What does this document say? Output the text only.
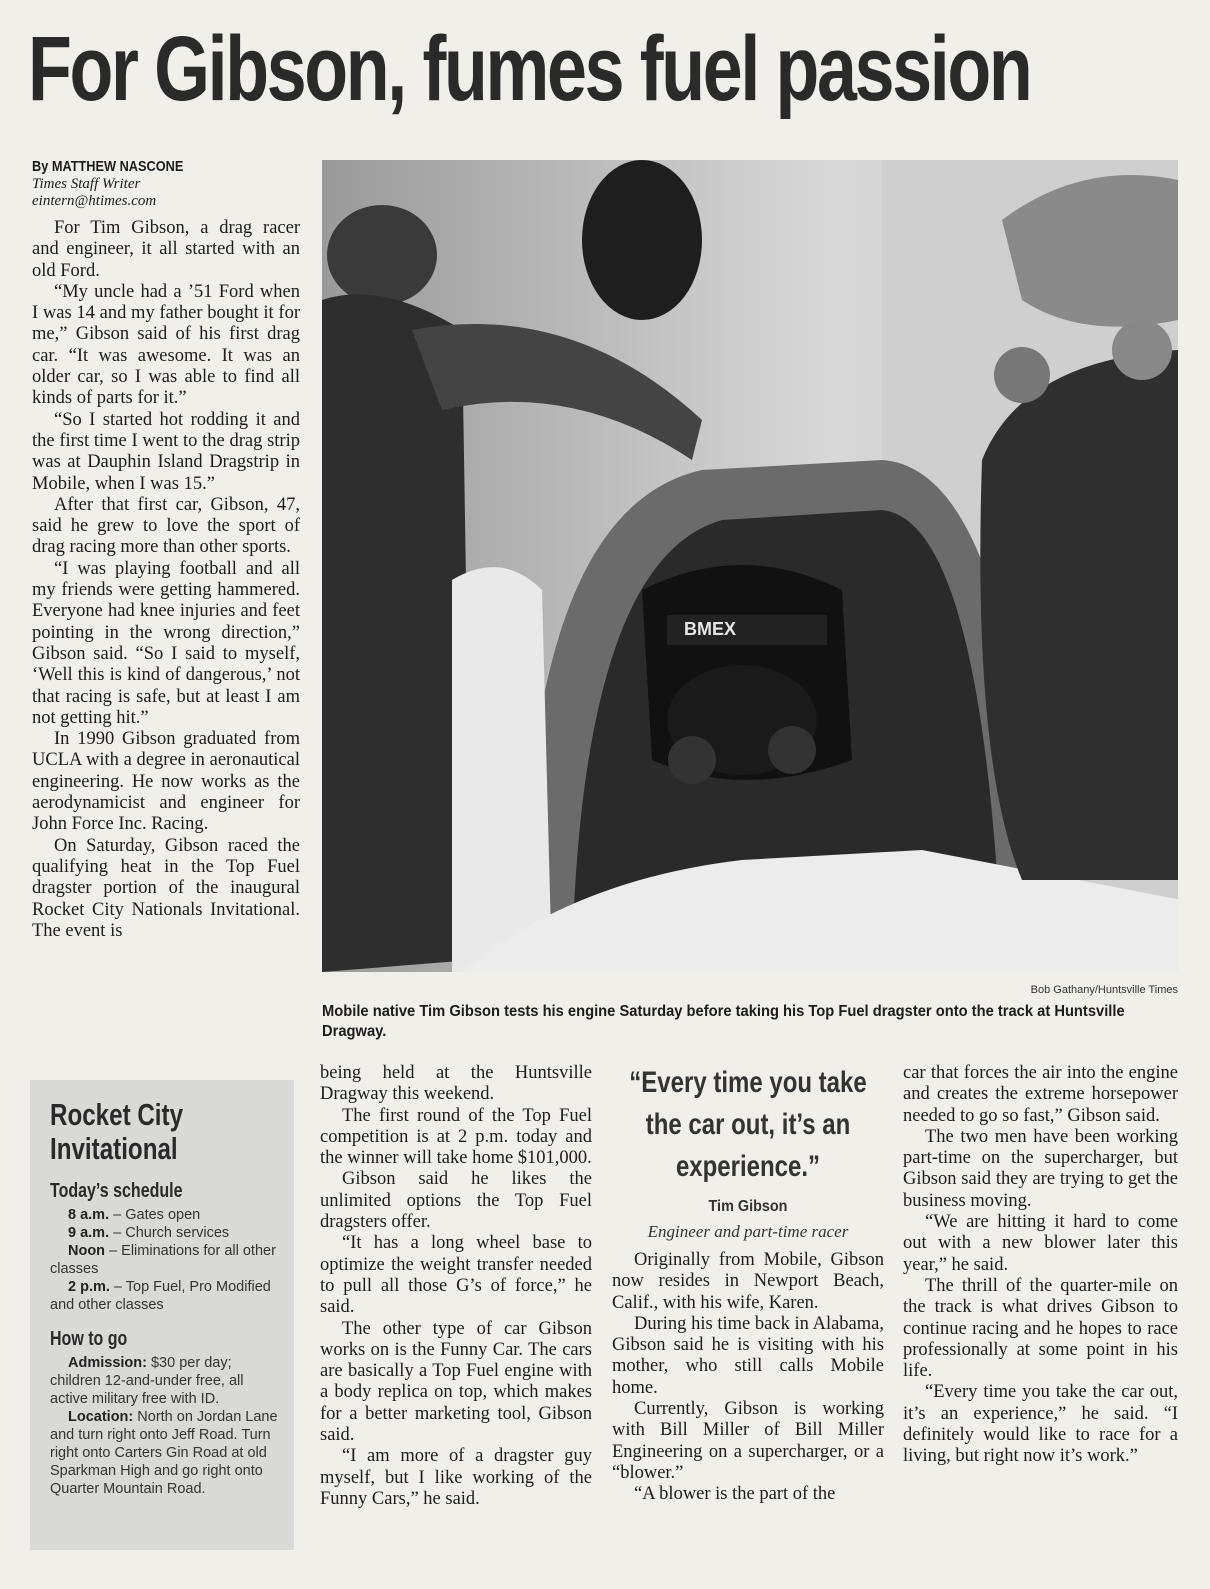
For Gibson, fumes fuel passion
By MATTHEW NASCONE
Times Staff Writer
eintern@htimes.com

For Tim Gibson, a drag racer and engineer, it all started with an old Ford.

“My uncle had a ’51 Ford when I was 14 and my father bought it for me,” Gibson said of his first drag car. “It was awesome. It was an older car, so I was able to find all kinds of parts for it.”

“So I started hot rodding it and the first time I went to the drag strip was at Dauphin Island Dragstrip in Mobile, when I was 15.”

After that first car, Gibson, 47, said he grew to love the sport of drag racing more than other sports.

“I was playing football and all my friends were getting hammered. Everyone had knee injuries and feet pointing in the wrong direction,” Gibson said. “So I said to myself, ‘Well this is kind of dangerous,’ not that racing is safe, but at least I am not getting hit.”

In 1990 Gibson graduated from UCLA with a degree in aeronautical engineering. He now works as the aerodynamicist and engineer for John Force Inc. Racing.

On Saturday, Gibson raced the qualifying heat in the Top Fuel dragster portion of the inaugural Rocket City Nationals Invitational. The event is

BMEX
Bob Gathany/Huntsville Times
Mobile native Tim Gibson tests his engine Saturday before taking his Top Fuel dragster onto the track at Huntsville Dragway.
Rocket City Invitational
Today’s schedule
8 a.m. – Gates open
9 a.m. – Church services
Noon – Eliminations for all other classes
2 p.m. – Top Fuel, Pro Modified and other classes
How to go
Admission: $30 per day; children 12-and-under free, all active military free with ID.
Location: North on Jordan Lane and turn right onto Jeff Road. Turn right onto Carters Gin Road at old Sparkman High and go right onto Quarter Mountain Road.

being held at the Huntsville Dragway this weekend.

The first round of the Top Fuel competition is at 2 p.m. today and the winner will take home $101,000.

Gibson said he likes the unlimited options the Top Fuel dragsters offer.

“It has a long wheel base to optimize the weight transfer needed to pull all those G’s of force,” he said.

The other type of car Gibson works on is the Funny Car. The cars are basically a Top Fuel engine with a body replica on top, which makes for a better marketing tool, Gibson said.

“I am more of a dragster guy myself, but I like working of the Funny Cars,” he said.

“Every time you take the car out, it’s an experience.”
Tim Gibson
Engineer and part-time racer

Originally from Mobile, Gibson now resides in Newport Beach, Calif., with his wife, Karen.

During his time back in Alabama, Gibson said he is visiting with his mother, who still calls Mobile home.

Currently, Gibson is working with Bill Miller of Bill Miller Engineering on a supercharger, or a “blower.”

“A blower is the part of the

car that forces the air into the engine and creates the extreme horsepower needed to go so fast,” Gibson said.

The two men have been working part-time on the supercharger, but Gibson said they are trying to get the business moving.

“We are hitting it hard to come out with a new blower later this year,” he said.

The thrill of the quarter-mile on the track is what drives Gibson to continue racing and he hopes to race professionally at some point in his life.

“Every time you take the car out, it’s an experience,” he said. “I definitely would like to race for a living, but right now it’s work.”
